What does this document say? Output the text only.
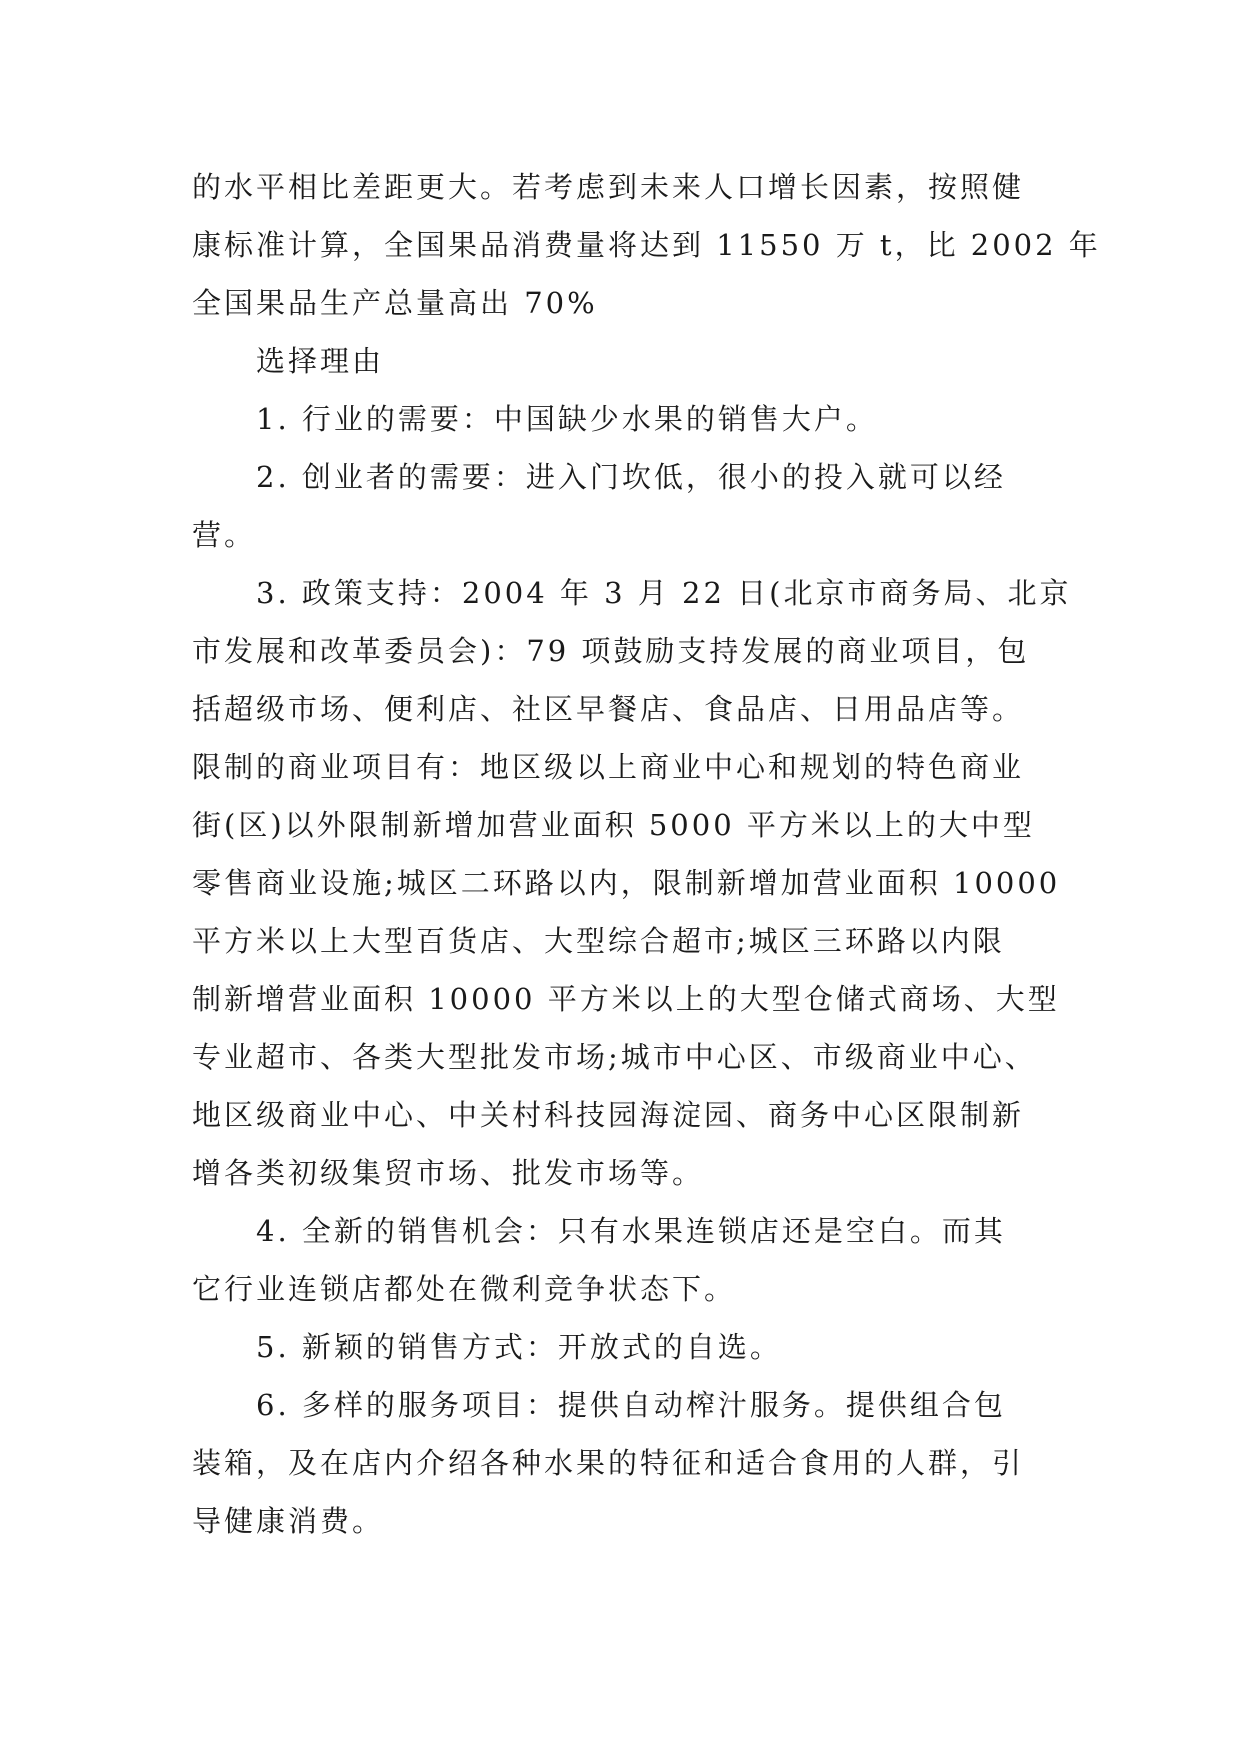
的水平相比差距更大。若考虑到未来人口增长因素，按照健
康标准计算，全国果品消费量将达到 11550 万 t，比 2002 年
全国果品生产总量高出 70%
选择理由
1. 行业的需要：中国缺少水果的销售大户。
2. 创业者的需要：进入门坎低，很小的投入就可以经
营。
3. 政策支持：2004 年 3 月 22 日(北京市商务局、北京
市发展和改革委员会)：79 项鼓励支持发展的商业项目，包
括超级市场、便利店、社区早餐店、食品店、日用品店等。
限制的商业项目有：地区级以上商业中心和规划的特色商业
街(区)以外限制新增加营业面积 5000 平方米以上的大中型
零售商业设施;城区二环路以内，限制新增加营业面积 10000
平方米以上大型百货店、大型综合超市;城区三环路以内限
制新增营业面积 10000 平方米以上的大型仓储式商场、大型
专业超市、各类大型批发市场;城市中心区、市级商业中心、
地区级商业中心、中关村科技园海淀园、商务中心区限制新
增各类初级集贸市场、批发市场等。
4. 全新的销售机会：只有水果连锁店还是空白。而其
它行业连锁店都处在微利竞争状态下。
5. 新颖的销售方式：开放式的自选。
6. 多样的服务项目：提供自动榨汁服务。提供组合包
装箱，及在店内介绍各种水果的特征和适合食用的人群，引
导健康消费。
